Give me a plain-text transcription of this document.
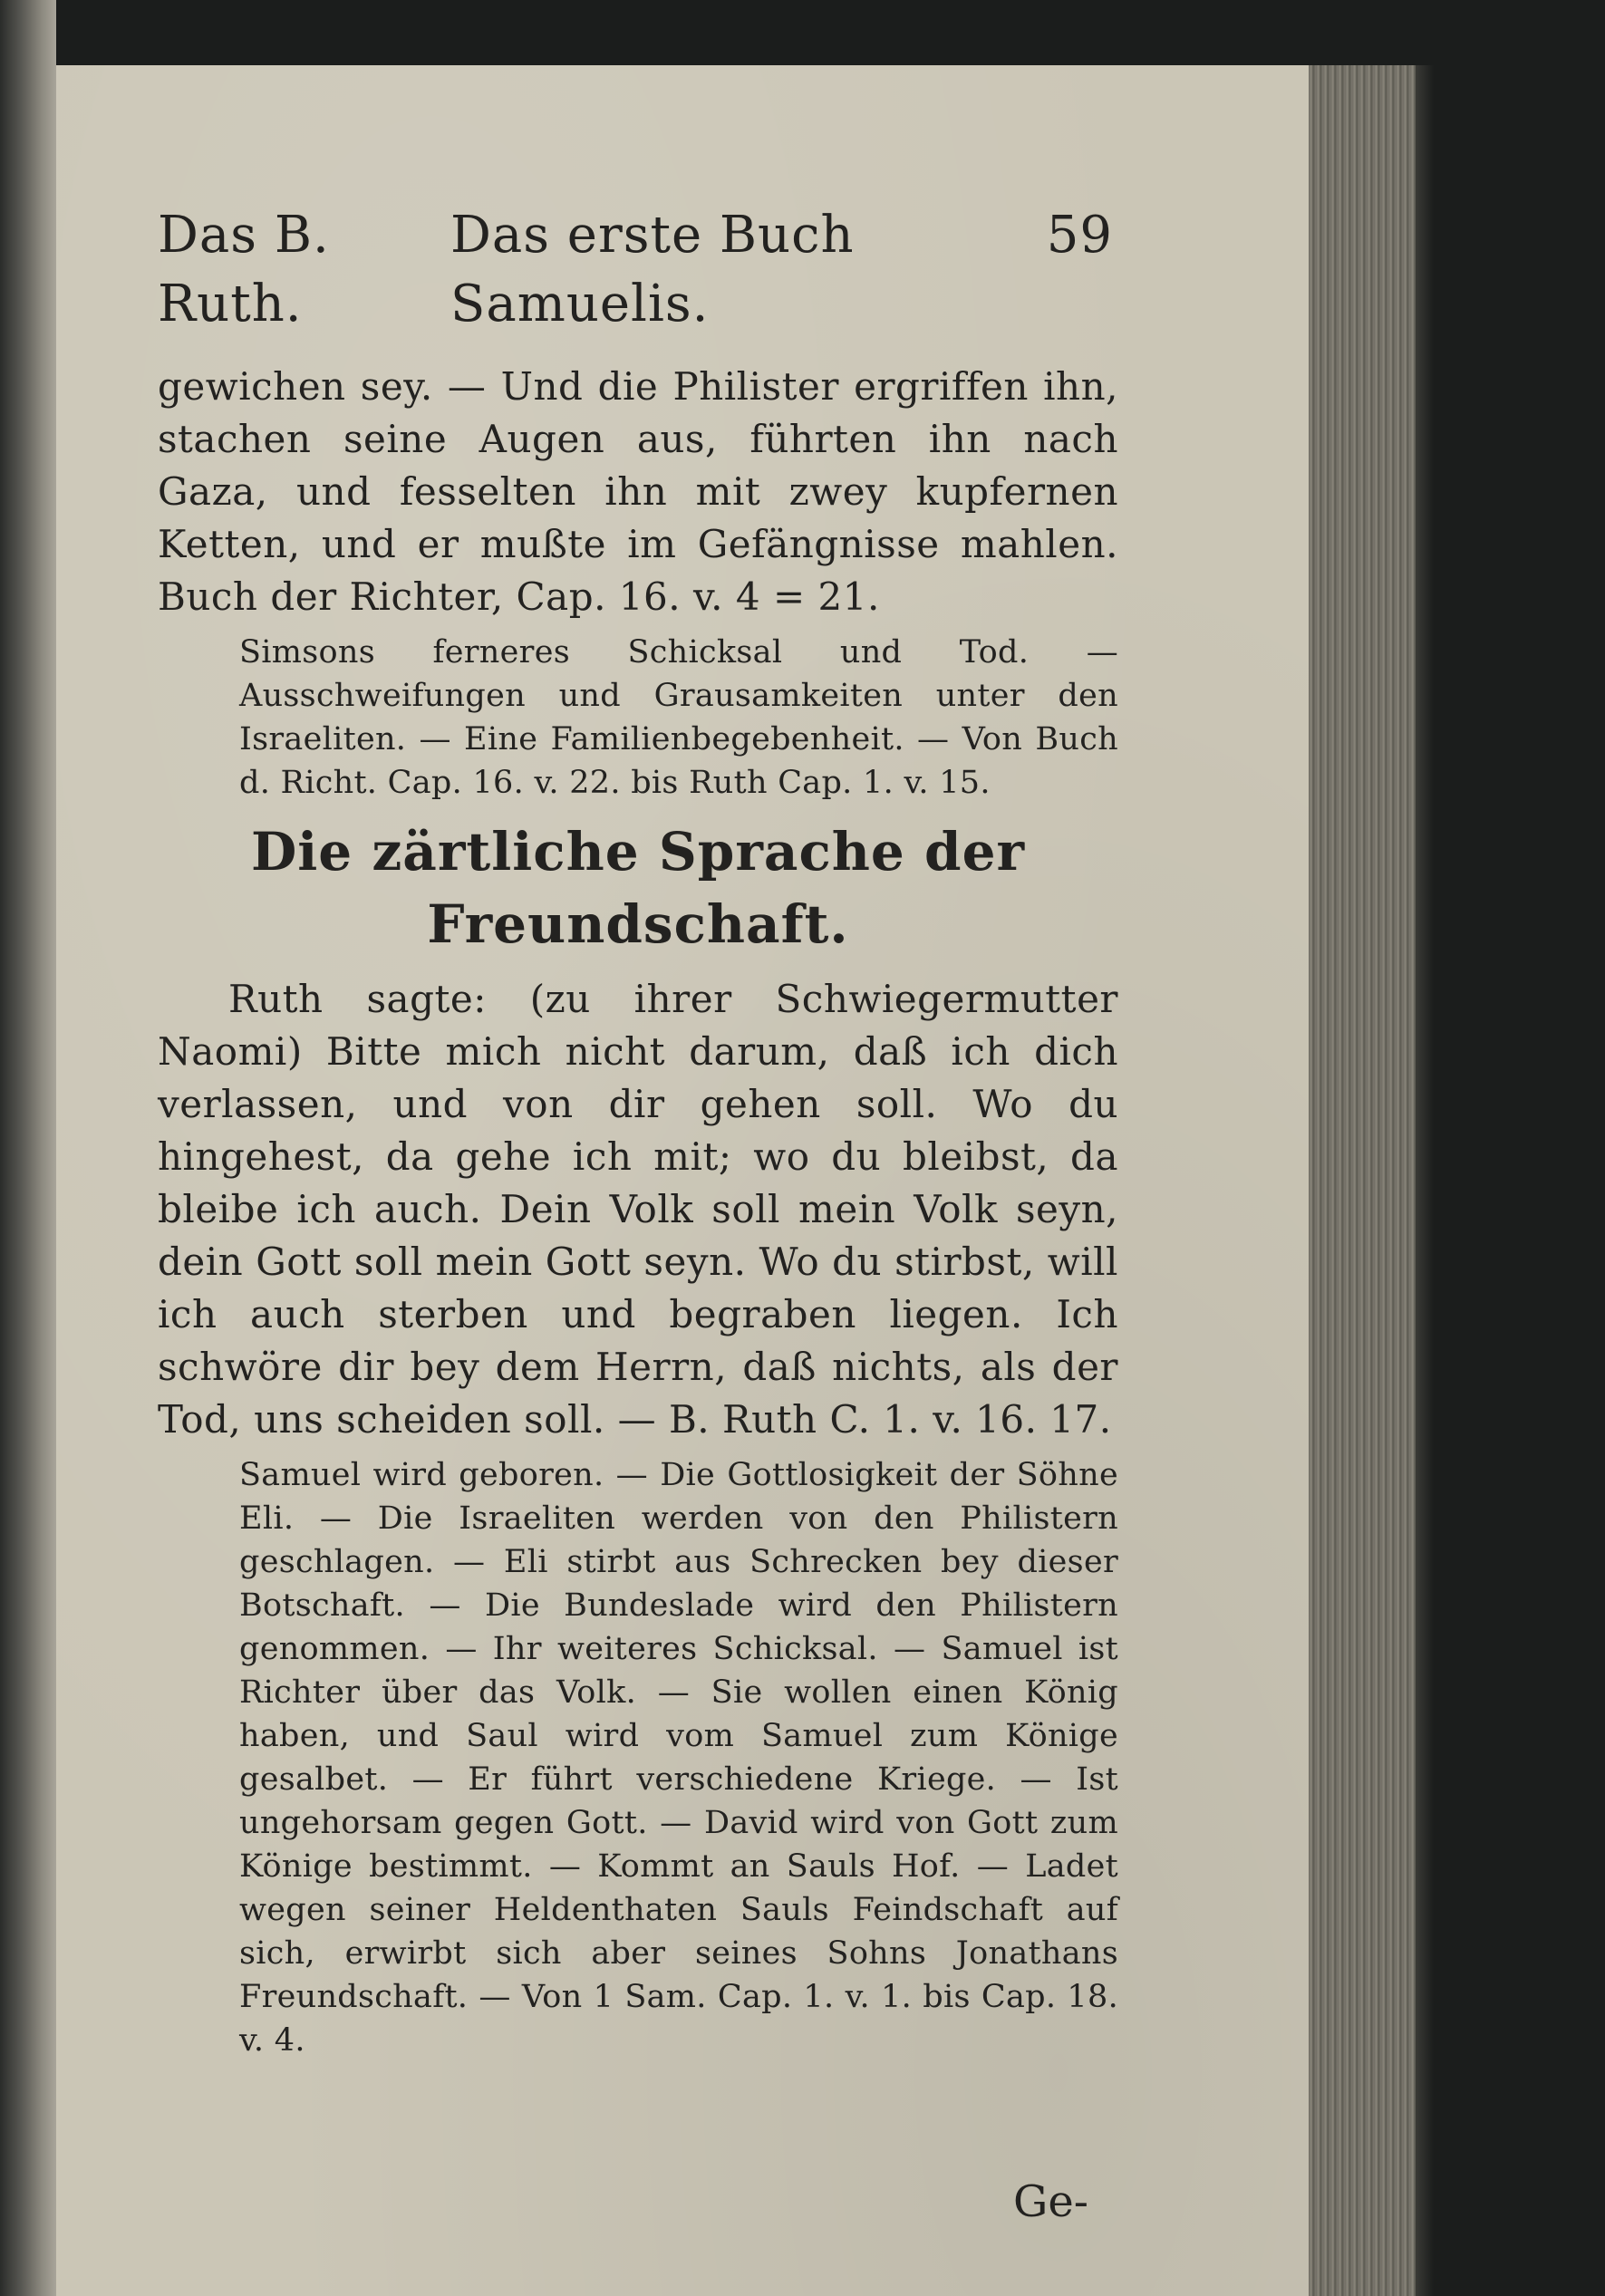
Das B. Ruth.
Das erste Buch Samuelis.
59

gewichen sey. — Und die Philister ergriffen ihn, stachen seine Augen aus, führten ihn nach Gaza, und fesselten ihn mit zwey kupfernen Ketten, und er mußte im Gefängnisse mahlen. Buch der Richter, Cap. 16. v. 4 = 21.

Simsons ferneres Schicksal und Tod. — Ausschweifungen und Grausamkeiten unter den Israeliten. — Eine Familienbegebenheit. — Von Buch d. Richt. Cap. 16. v. 22. bis Ruth Cap. 1. v. 15.

Die zärtliche Sprache der Freundschaft.

Ruth sagte: (zu ihrer Schwiegermutter Naomi) Bitte mich nicht darum, daß ich dich verlassen, und von dir gehen soll. Wo du hingehest, da gehe ich mit; wo du bleibst, da bleibe ich auch. Dein Volk soll mein Volk seyn, dein Gott soll mein Gott seyn. Wo du stirbst, will ich auch sterben und begraben liegen. Ich schwöre dir bey dem Herrn, daß nichts, als der Tod, uns scheiden soll. — B. Ruth C. 1. v. 16. 17.

Samuel wird geboren. — Die Gottlosigkeit der Söhne Eli. — Die Israeliten werden von den Philistern geschlagen. — Eli stirbt aus Schrecken bey dieser Botschaft. — Die Bundeslade wird den Philistern genommen. — Ihr weiteres Schicksal. — Samuel ist Richter über das Volk. — Sie wollen einen König haben, und Saul wird vom Samuel zum Könige gesalbet. — Er führt verschiedene Kriege. — Ist ungehorsam gegen Gott. — David wird von Gott zum Könige bestimmt. — Kommt an Sauls Hof. — Ladet wegen seiner Heldenthaten Sauls Feindschaft auf sich, erwirbt sich aber seines Sohns Jonathans Freundschaft. — Von 1 Sam. Cap. 1. v. 1. bis Cap. 18. v. 4.

Ge-
